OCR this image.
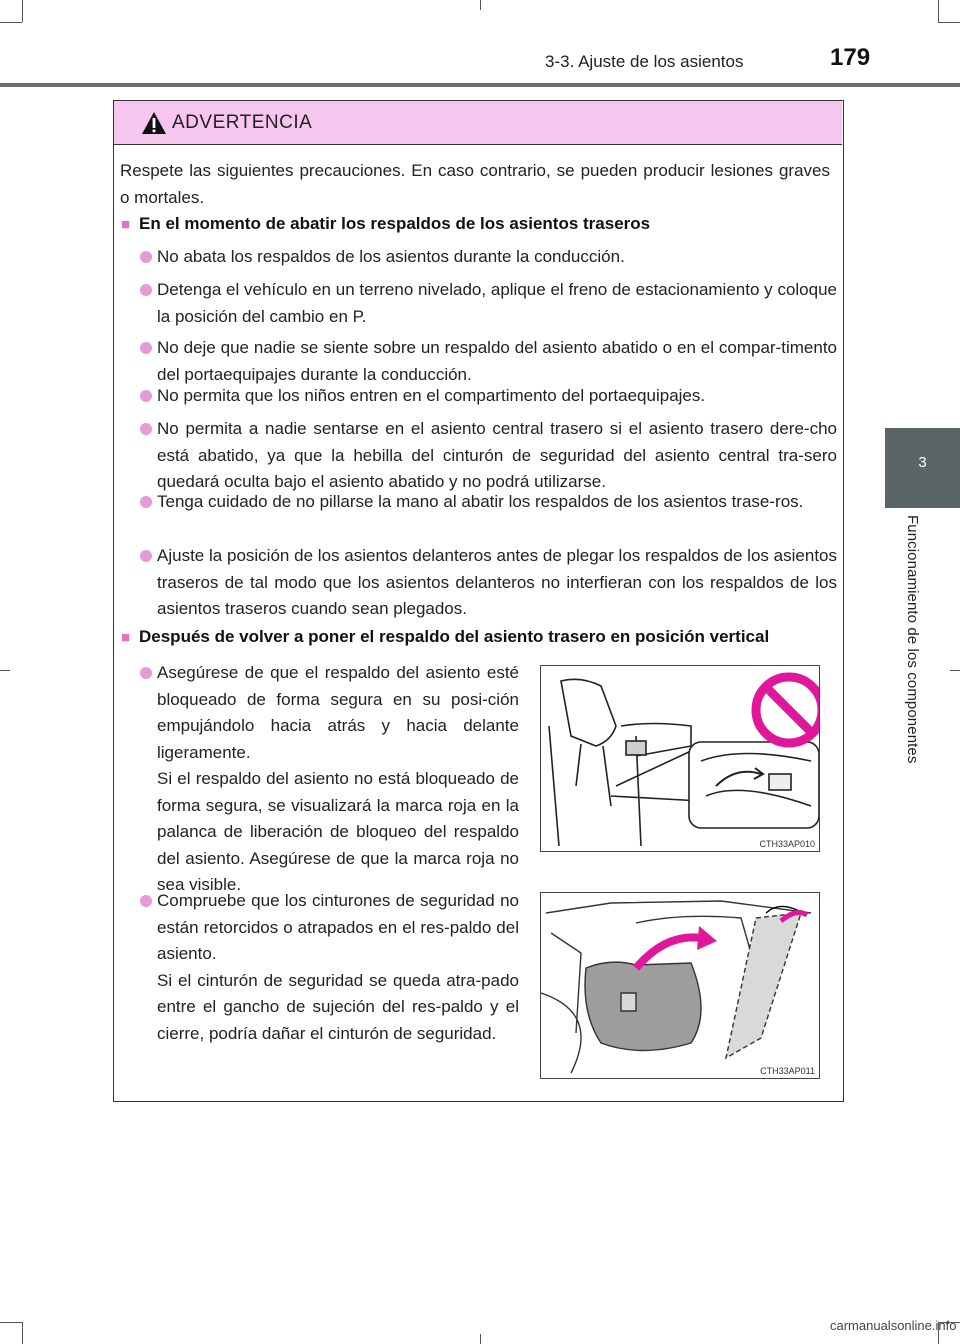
3-3. Ajuste de los asientos	179
3
Funcionamiento de los componentes
ADVERTENCIA
Respete las siguientes precauciones. En caso contrario, se pueden producir lesiones graves o mortales.
■ En el momento de abatir los respaldos de los asientos traseros
No abata los respaldos de los asientos durante la conducción.
Detenga el vehículo en un terreno nivelado, aplique el freno de estacionamiento y coloque la posición del cambio en P.
No deje que nadie se siente sobre un respaldo del asiento abatido o en el compar-timento del portaequipajes durante la conducción.
No permita que los niños entren en el compartimento del portaequipajes.
No permita a nadie sentarse en el asiento central trasero si el asiento trasero dere-cho está abatido, ya que la hebilla del cinturón de seguridad del asiento central tra-sero quedará oculta bajo el asiento abatido y no podrá utilizarse.
Tenga cuidado de no pillarse la mano al abatir los respaldos de los asientos trase-ros.
Ajuste la posición de los asientos delanteros antes de plegar los respaldos de los asientos traseros de tal modo que los asientos delanteros no interfieran con los respaldos de los asientos traseros cuando sean plegados.
■ Después de volver a poner el respaldo del asiento trasero en posición vertical
Asegúrese de que el respaldo del asiento esté bloqueado de forma segura en su posi-ción empujándolo hacia atrás y hacia delante ligeramente.
Si el respaldo del asiento no está bloqueado de forma segura, se visualizará la marca roja en la palanca de liberación de bloqueo del respaldo del asiento. Asegúrese de que la marca roja no sea visible.
Compruebe que los cinturones de seguridad no están retorcidos o atrapados en el res-paldo del asiento.
Si el cinturón de seguridad se queda atra-pado entre el gancho de sujeción del res-paldo y el cierre, podría dañar el cinturón de seguridad.
CTH33AP010
CTH33AP011
carmanualsonline.info
